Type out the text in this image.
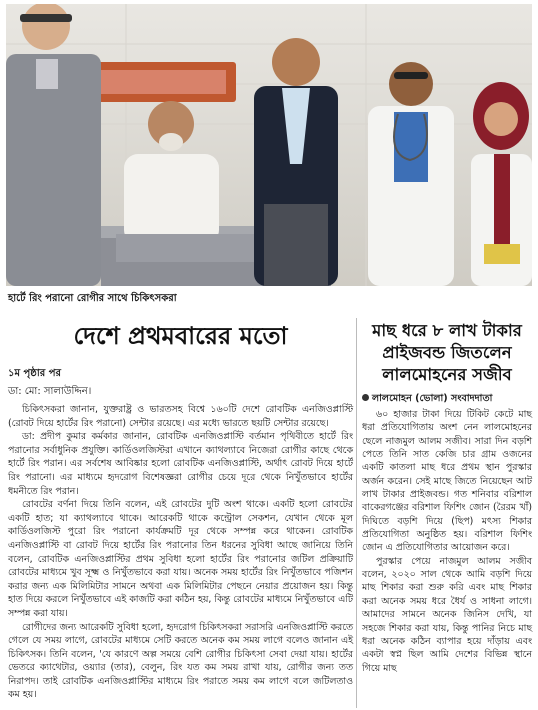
হার্টে রিং পরানো রোগীর সাথে চিকিৎসকরা
দেশে প্রথমবারের মতো
১ম পৃষ্ঠার পর
ডা: মো: সালাউদ্দিন।

চিকিৎসকরা জানান, যুক্তরাষ্ট্র ও ভারতসহ বিশ্বে ১৬০টি দেশে রোবটিক এনজিওপ্লাস্টি (রোবট দিয়ে হার্টের রিং পরানো) সেন্টার রয়েছে। এর মধ্যে ভারতে ছয়টি সেন্টার রয়েছে।

ডা: প্রদীপ কুমার কর্মকার জানান, রোবটিক এনজিওপ্লাস্টি বর্তমান পৃথিবীতে হার্টে রিং পরানোর সর্বাধুনিক প্রযুক্তি। কার্ডিওলজিস্টরা এখানে ক্যাথল্যাবে নিজেরা রোগীর কাছে থেকে হার্টে রিং পরান। এর সর্বশেষ আবিষ্কার হলো রোবটিক এনজিওপ্লাস্টি, অর্থাৎ রোবট দিয়ে হার্টে রিং পরানো। এর মাধ্যমে হৃদরোগ বিশেষজ্ঞরা রোগীর চেয়ে দূরে থেকে নিখুঁতভাবে হার্টের ধমনীতে রিং পরান।

রোবটের বর্ণনা দিয়ে তিনি বলেন, এই রোবটের দুটি অংশ থাকে। একটি হলো রোবটের একটি হাত; যা ক্যাথল্যাবে থাকে। আরেকটি থাকে কন্ট্রোল সেকশন, যেখান থেকে মূল কার্ডিওলজিস্ট পুরো রিং পরানো কার্যক্রমটি দূর থেকে সম্পন্ন করে থাকেন। রোবটিক এনজিওপ্লাস্টি বা রোবট দিয়ে হার্টের রিং পরানোর তিন ধরনের সুবিধা আছে জানিয়ে তিনি বলেন, রোবটিক এনজিওপ্লাস্টির প্রথম সুবিধা হলো হার্টের রিং পরানোর জটিল প্রক্রিয়াটি রোবটের মাধ্যমে খুব সূক্ষ্ম ও নিখুঁতভাবে করা যায়। অনেক সময় হার্টের রিং নিখুঁতভাবে পজিশন করার জন্য এক মিলিমিটার সামনে অথবা এক মিলিমিটার পেছনে নেয়ার প্রয়োজন হয়। কিন্তু হাত দিয়ে করলে নিখুঁতভাবে এই কাজটি করা কঠিন হয়, কিন্তু রোবটের মাধ্যমে নিখুঁতভাবে এটি সম্পন্ন করা যায়।

রোগীদের জন্য আরেকটি সুবিধা হলো, হৃদরোগ চিকিৎসকরা সরাসরি এনজিওপ্লাস্টি করতে গেলে যে সময় লাগে, রোবটের মাধ্যমে সেটি করতে অনেক কম সময় লাগে বলেও জানান এই চিকিৎসক। তিনি বলেন, 'যে কারণে অল্প সময়ে বেশি রোগীর চিকিৎসা সেবা দেয়া যায়। হার্টের ভেতরে ক্যাথেটার, ওয়্যার (তার), বেলুন, রিং যত কম সময় রাখা যায়, রোগীর জন্য তত নিরাপদ। তাই রোবটিক এনজিওপ্লাস্টির মাধ্যমে রিং পরাতে সময় কম লাগে বলে জটিলতাও কম হয়।

মাছ ধরে ৮ লাখ টাকার প্রাইজবন্ড জিতলেন লালমোহনের সজীব
লালমোহন (ভোলা) সংবাদদাতা

৬০ হাজার টাকা দিয়ে টিকিট কেটে মাছ ধরা প্রতিযোগিতায় অংশ নেন লালমোহনের ছেলে নাজমুল আলম সজীব। সারা দিন বড়শি পেতে তিনি সাত কেজি চার গ্রাম ওজনের একটি কাতলা মাছ ধরে প্রথম স্থান পুরস্কার অর্জন করেন। সেই মাছে জিতে নিয়েছেন আট লাখ টাকার প্রাইজবন্ড। গত শনিবার বরিশাল বাকেরগঞ্জের বরিশাল ফিশিং জোন (রৈরম খাঁ) দিঘিতে বড়শি দিয়ে (ছিপ) মৎস্য শিকার প্রতিযোগিতা অনুষ্ঠিত হয়। বরিশাল ফিশিং জোন এ প্রতিযোগিতার আয়োজন করে।

পুরস্কার পেয়ে নাজমুল আলম সজীব বলেন, ২০২০ সাল থেকে আমি বড়শি দিয়ে মাছ শিকার করা শুরু করি এবং মাছ শিকার করা অনেক সময় ধরে ধৈর্য ও সাধনা লাগে। আমাদের সামনে অনেক জিনিস দেখি, যা সহজে শিকার করা যায়, কিন্তু পানির নিচে মাছ ধরা অনেক কঠিন ব্যাপার হয়ে দাঁড়ায় এবং একটা স্বপ্ন ছিল আমি দেশের বিভিন্ন স্থানে গিয়ে মাছ
